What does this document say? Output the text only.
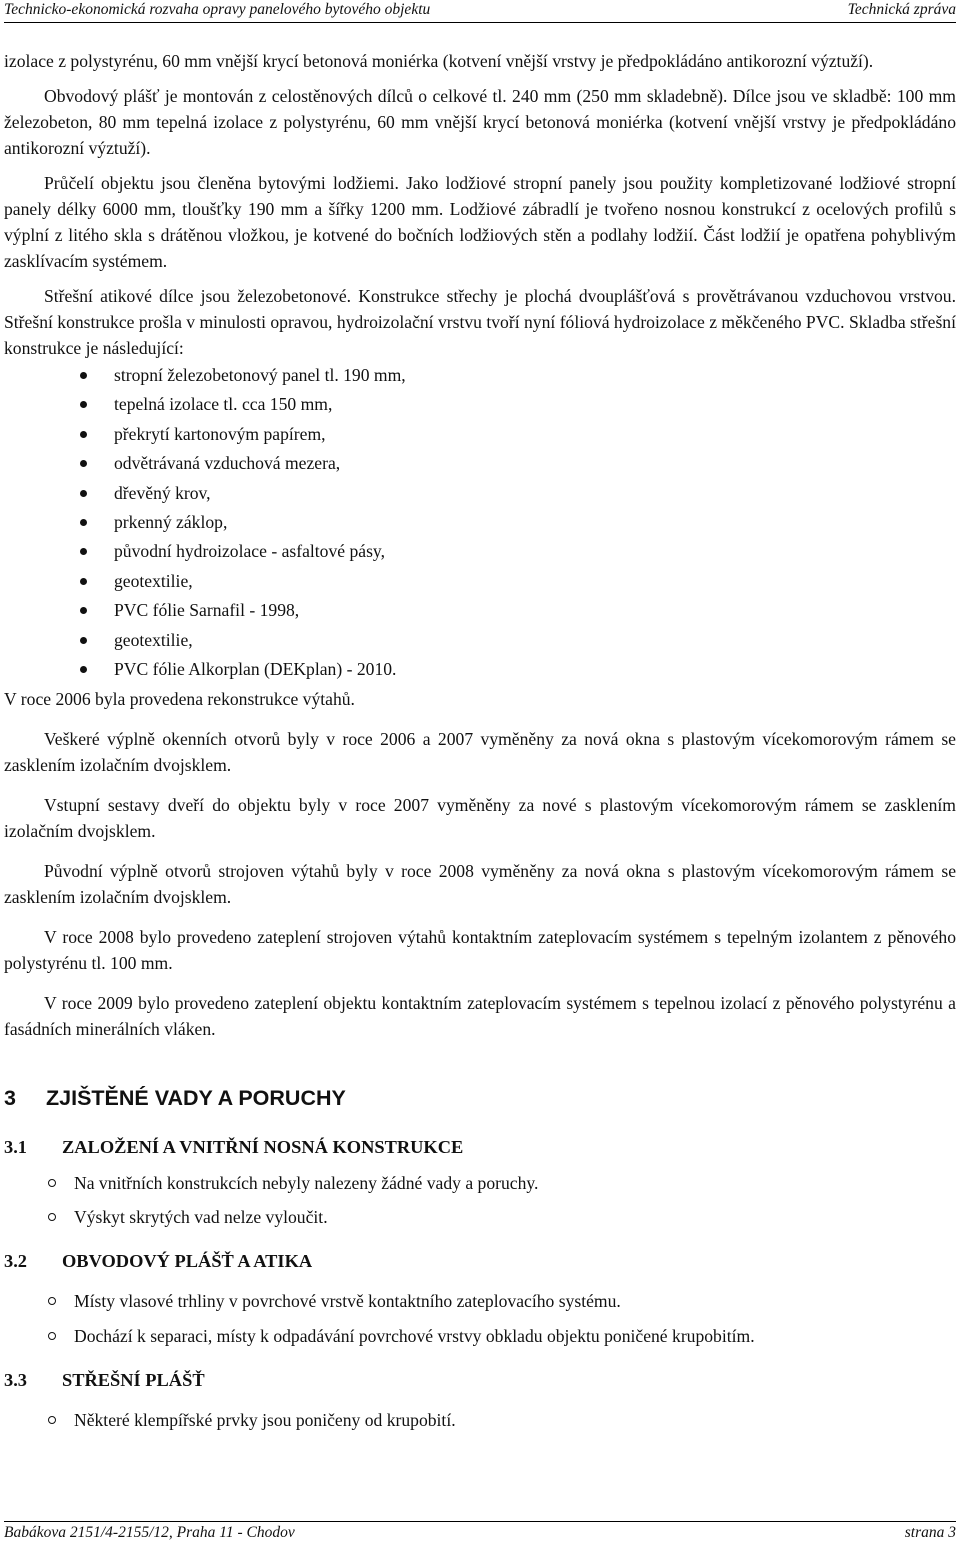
Technicko-ekonomická rozvaha opravy panelového bytového objektu	Technická zpráva

izolace z polystyrénu, 60 mm vnější krycí betonová moniérka (kotvení vnější vrstvy je předpokládáno antikorozní výztuží).

Obvodový plášť je montován z celostěnových dílců o celkové tl. 240 mm (250 mm skladebně). Dílce jsou ve skladbě: 100 mm železobeton, 80 mm tepelná izolace z polystyrénu, 60 mm vnější krycí betonová moniérka (kotvení vnější vrstvy je předpokládáno antikorozní výztuží).

Průčelí objektu jsou členěna bytovými lodžiemi. Jako lodžiové stropní panely jsou použity kompletizované lodžiové stropní panely délky 6000 mm, tloušťky 190 mm a šířky 1200 mm. Lodžiové zábradlí je tvořeno nosnou konstrukcí z ocelových profilů s výplní z litého skla s drátěnou vložkou, je kotvené do bočních lodžiových stěn a podlahy lodžií. Část lodžií je opatřena pohyblivým zasklívacím systémem.

Střešní atikové dílce jsou železobetonové. Konstrukce střechy je plochá dvouplášťová s provětrávanou vzduchovou vrstvou. Střešní konstrukce prošla v minulosti opravou, hydroizolační vrstvu tvoří nyní fóliová hydroizolace z měkčeného PVC. Skladba střešní konstrukce je následující:

stropní železobetonový panel tl. 190 mm,
tepelná izolace tl. cca 150 mm,
překrytí kartonovým papírem,
odvětrávaná vzduchová mezera,
dřevěný krov,
prkenný záklop,
původní hydroizolace - asfaltové pásy,
geotextilie,
PVC fólie Sarnafil - 1998,
geotextilie,
PVC fólie Alkorplan (DEKplan) - 2010.

V roce 2006 byla provedena rekonstrukce výtahů.

Veškeré výplně okenních otvorů byly v roce 2006 a 2007 vyměněny za nová okna s plastovým vícekomorovým rámem se zasklením izolačním dvojsklem.

Vstupní sestavy dveří do objektu byly v roce 2007 vyměněny za nové s plastovým vícekomorovým rámem se zasklením izolačním dvojsklem.

Původní výplně otvorů strojoven výtahů byly v roce 2008 vyměněny za nová okna s plastovým vícekomorovým rámem se zasklením izolačním dvojsklem.

V roce 2008 bylo provedeno zateplení strojoven výtahů kontaktním zateplovacím systémem s tepelným izolantem z pěnového polystyrénu tl. 100 mm.

V roce 2009 bylo provedeno zateplení objektu kontaktním zateplovacím systémem s tepelnou izolací z pěnového polystyrénu a fasádních minerálních vláken.

3	ZJIŠTĚNÉ VADY A PORUCHY
3.1	ZALOŽENÍ A VNITŘNÍ NOSNÁ KONSTRUKCE
Na vnitřních konstrukcích nebyly nalezeny žádné vady a poruchy.
Výskyt skrytých vad nelze vyloučit.
3.2	OBVODOVÝ PLÁŠŤ A ATIKA
Místy vlasové trhliny v povrchové vrstvě kontaktního zateplovacího systému.
Dochází k separaci, místy k odpadávání povrchové vrstvy obkladu objektu poničené krupobitím.
3.3	STŘEŠNÍ PLÁŠŤ
Některé klempířské prvky jsou poničeny od krupobití.
Babákova 2151/4-2155/12, Praha 11 - Chodov	strana 3
